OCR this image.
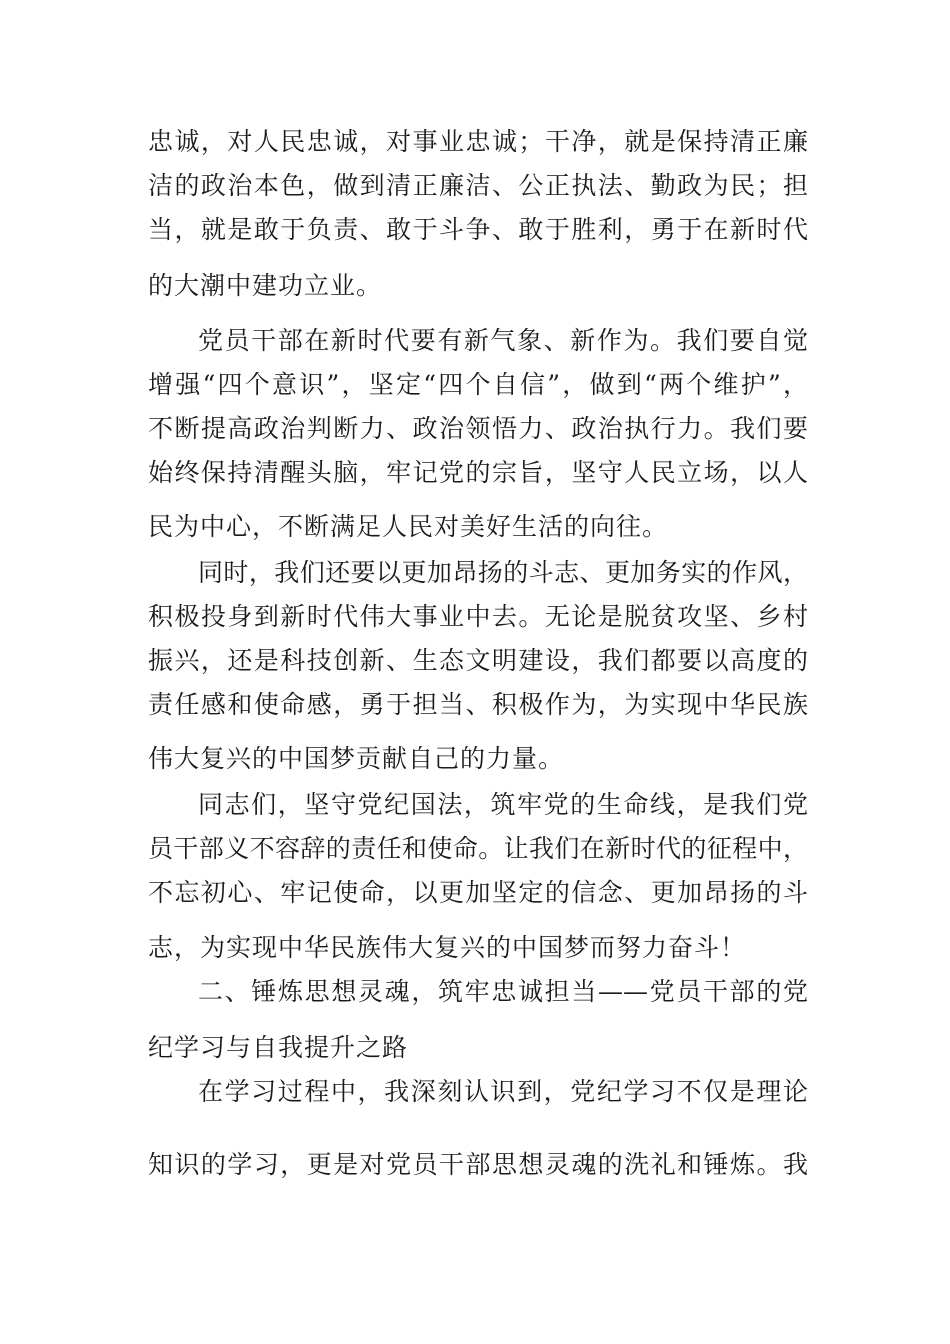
忠诚，对人民忠诚，对事业忠诚；干净，就是保持清正廉
洁的政治本色，做到清正廉洁、公正执法、勤政为民；担
当，就是敢于负责、敢于斗争、敢于胜利，勇于在新时代
的大潮中建功立业。
党员干部在新时代要有新气象、新作为。我们要自觉
增强“四个意识”，坚定“四个自信”，做到“两个维护”，
不断提高政治判断力、政治领悟力、政治执行力。我们要
始终保持清醒头脑，牢记党的宗旨，坚守人民立场，以人
民为中心，不断满足人民对美好生活的向往。
同时，我们还要以更加昂扬的斗志、更加务实的作风，
积极投身到新时代伟大事业中去。无论是脱贫攻坚、乡村
振兴，还是科技创新、生态文明建设，我们都要以高度的
责任感和使命感，勇于担当、积极作为，为实现中华民族
伟大复兴的中国梦贡献自己的力量。
同志们，坚守党纪国法，筑牢党的生命线，是我们党
员干部义不容辞的责任和使命。让我们在新时代的征程中，
不忘初心、牢记使命，以更加坚定的信念、更加昂扬的斗
志，为实现中华民族伟大复兴的中国梦而努力奋斗！
二、锤炼思想灵魂，筑牢忠诚担当——党员干部的党
纪学习与自我提升之路
在学习过程中，我深刻认识到，党纪学习不仅是理论
知识的学习，更是对党员干部思想灵魂的洗礼和锤炼。我
